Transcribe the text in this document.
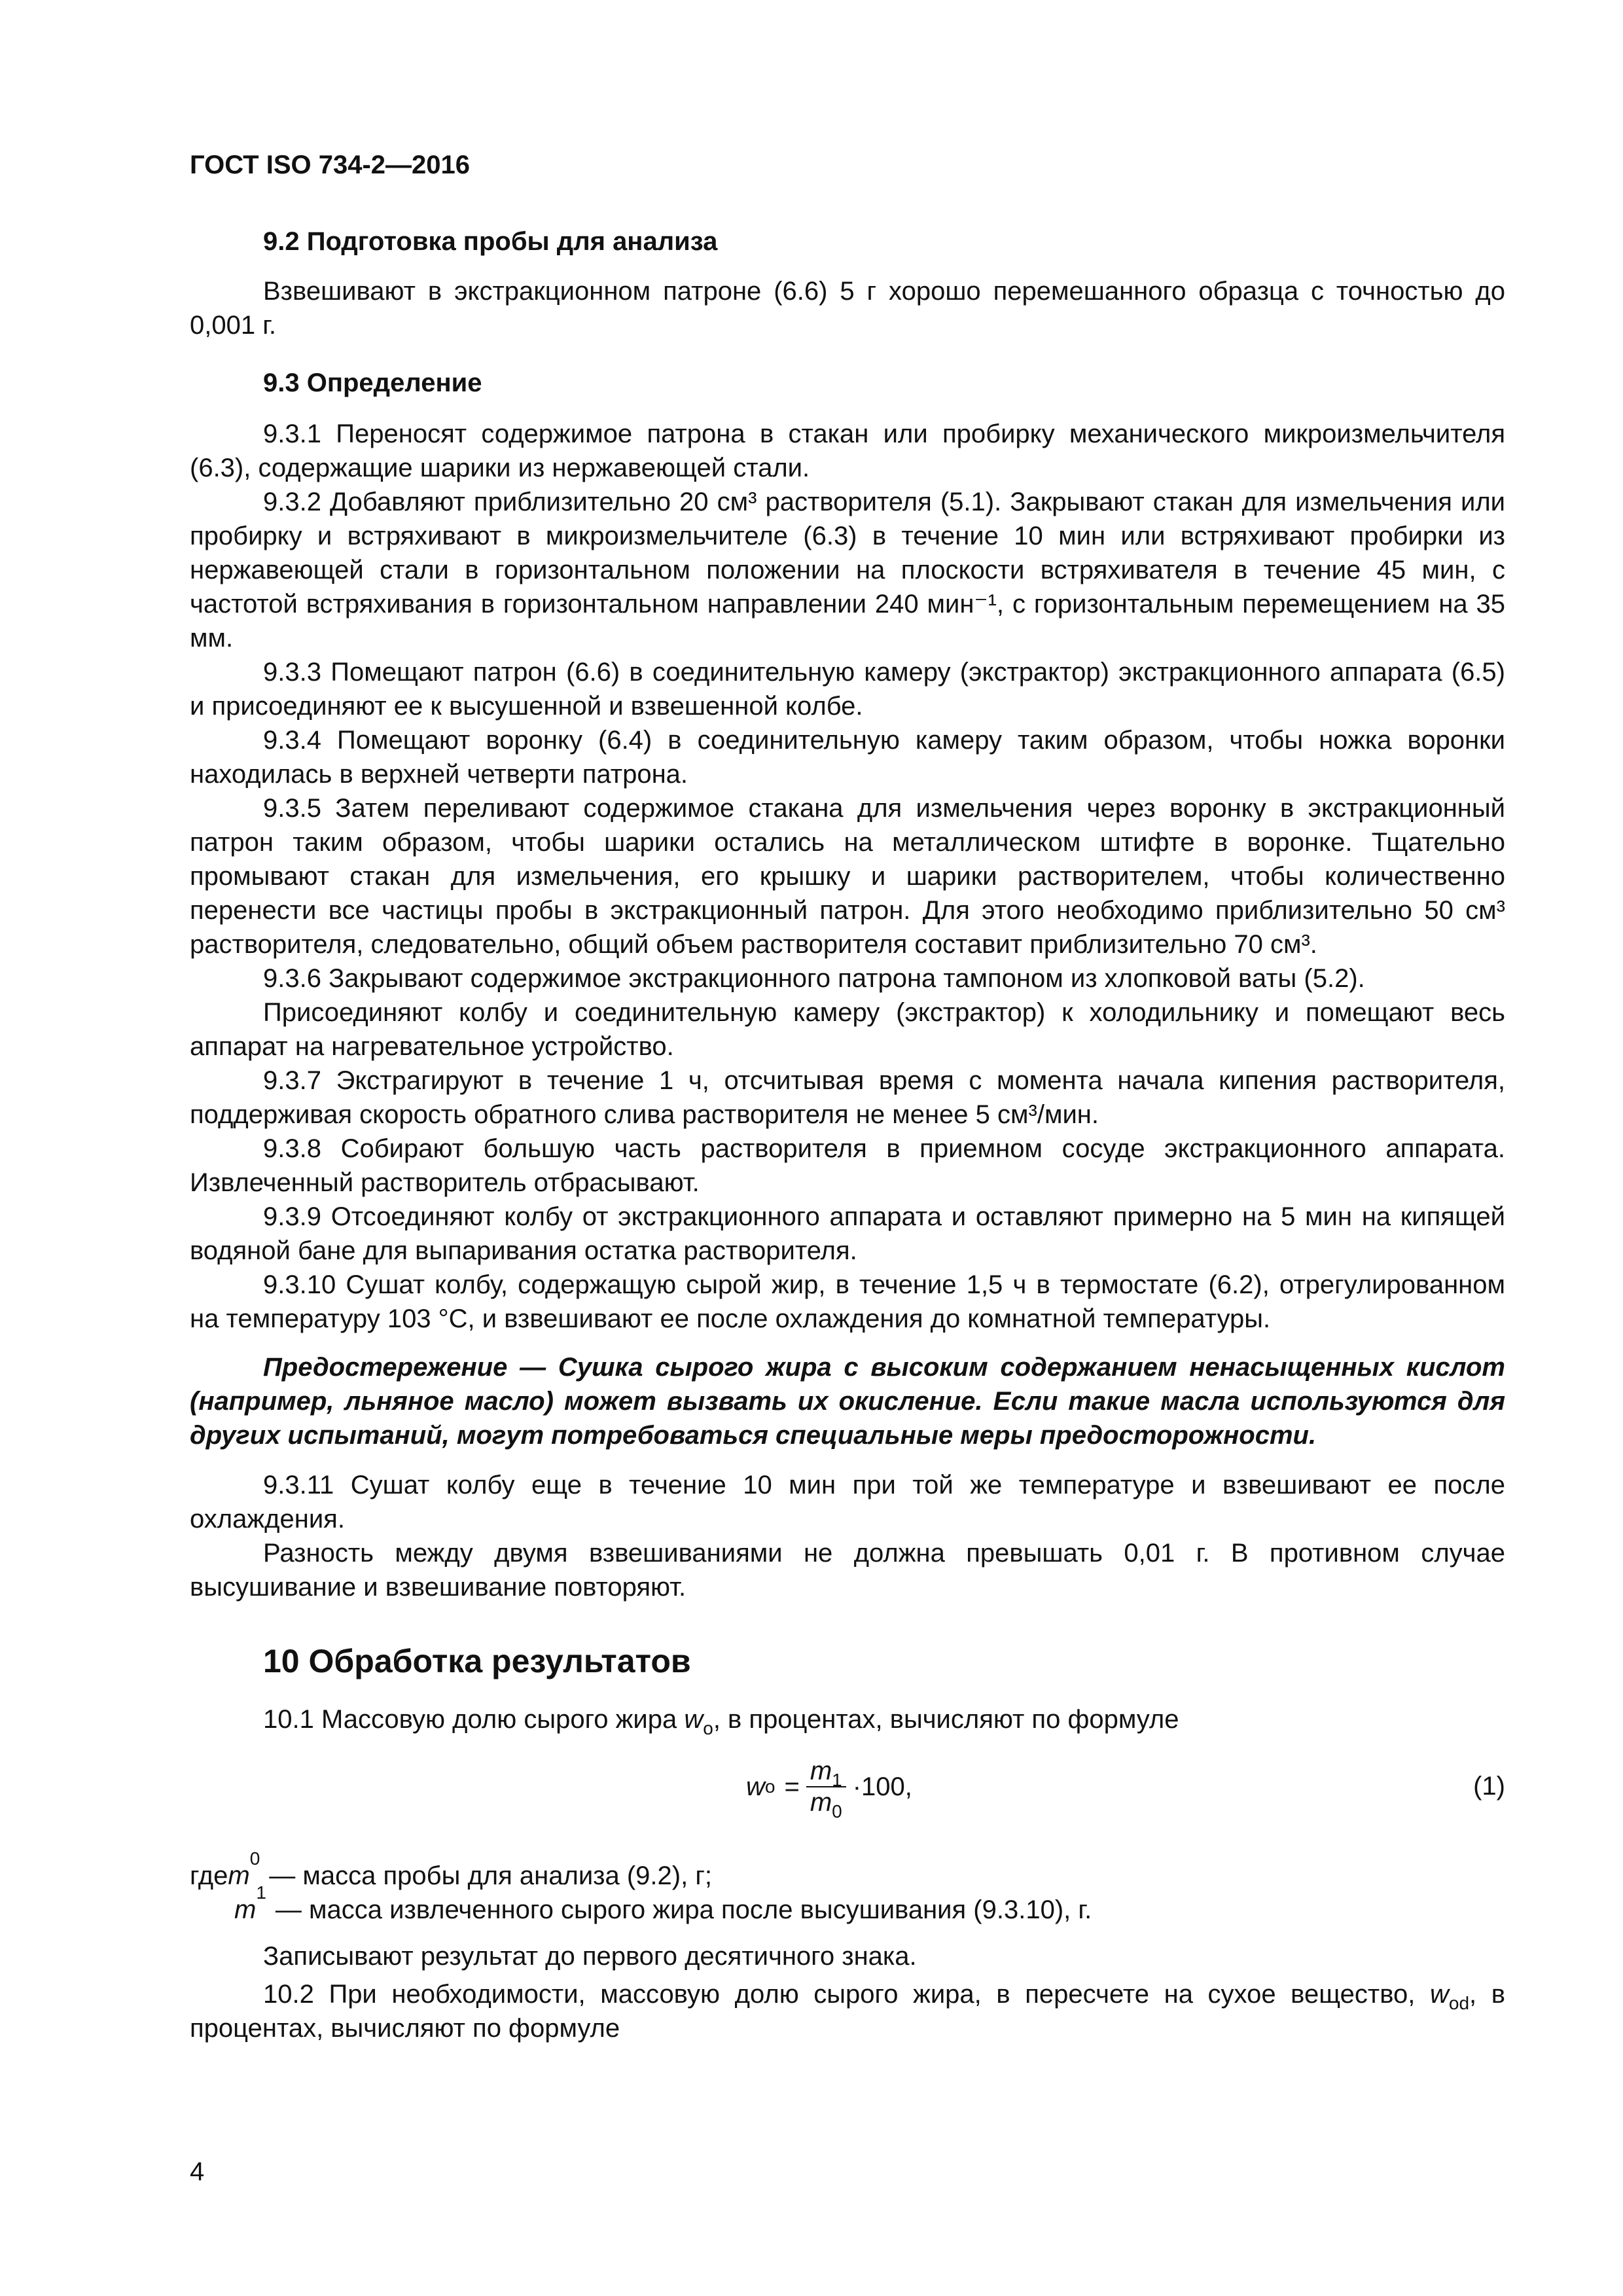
ГОСТ ISO 734-2—2016

9.2 Подготовка пробы для анализа

Взвешивают в экстракционном патроне (6.6) 5 г хорошо перемешанного образца с точностью до 0,001 г.

9.3 Определение

9.3.1 Переносят содержимое патрона в стакан или пробирку механического микроизмельчителя (6.3), содержащие шарики из нержавеющей стали.

9.3.2 Добавляют приблизительно 20 см³ растворителя (5.1). Закрывают стакан для измельчения или пробирку и встряхивают в микроизмельчителе (6.3) в течение 10 мин или встряхивают пробирки из нержавеющей стали в горизонтальном положении на плоскости встряхивателя в течение 45 мин, с частотой встряхивания в горизонтальном направлении 240 мин⁻¹, с горизонтальным перемещением на 35 мм.

9.3.3 Помещают патрон (6.6) в соединительную камеру (экстрактор) экстракционного аппарата (6.5) и присоединяют ее к высушенной и взвешенной колбе.

9.3.4 Помещают воронку (6.4) в соединительную камеру таким образом, чтобы ножка воронки находилась в верхней четверти патрона.

9.3.5 Затем переливают содержимое стакана для измельчения через воронку в экстракционный патрон таким образом, чтобы шарики остались на металлическом штифте в воронке. Тщательно промывают стакан для измельчения, его крышку и шарики растворителем, чтобы количественно перенести все частицы пробы в экстракционный патрон. Для этого необходимо приблизительно 50 см³ растворителя, следовательно, общий объем растворителя составит приблизительно 70 см³.

9.3.6 Закрывают содержимое экстракционного патрона тампоном из хлопковой ваты (5.2).

Присоединяют колбу и соединительную камеру (экстрактор) к холодильнику и помещают весь аппарат на нагревательное устройство.

9.3.7 Экстрагируют в течение 1 ч, отсчитывая время с момента начала кипения растворителя, поддерживая скорость обратного слива растворителя не менее 5 см³/мин.

9.3.8 Собирают большую часть растворителя в приемном сосуде экстракционного аппарата. Извлеченный растворитель отбрасывают.

9.3.9 Отсоединяют колбу от экстракционного аппарата и оставляют примерно на 5 мин на кипящей водяной бане для выпаривания остатка растворителя.

9.3.10 Сушат колбу, содержащую сырой жир, в течение 1,5 ч в термостате (6.2), отрегулированном на температуру 103 °С, и взвешивают ее после охлаждения до комнатной температуры.

Предостережение — Сушка сырого жира с высоким содержанием ненасыщенных кислот (например, льняное масло) может вызвать их окисление. Если такие масла используются для других испытаний, могут потребоваться специальные меры предосторожности.

9.3.11 Сушат колбу еще в течение 10 мин при той же температуре и взвешивают ее после охлаждения.

Разность между двумя взвешиваниями не должна превышать 0,01 г. В противном случае высушивание и взвешивание повторяют.

10 Обработка результатов

10.1 Массовую долю сырого жира $w_o$, в процентах, вычисляют по формуле

w $o = \frac{m_1}{m_0} \cdot 100$,	(1)
где m
0
— масса пробы для анализа (9.2), г;
m
1
— масса извлеченного сырого жира после высушивания (9.3.10), г.

Записывают результат до первого десятичного знака.

10.2 При необходимости, массовую долю сырого жира, в пересчете на сухое вещество, $w_{od}$, в процентах, вычисляют по формуле

4
